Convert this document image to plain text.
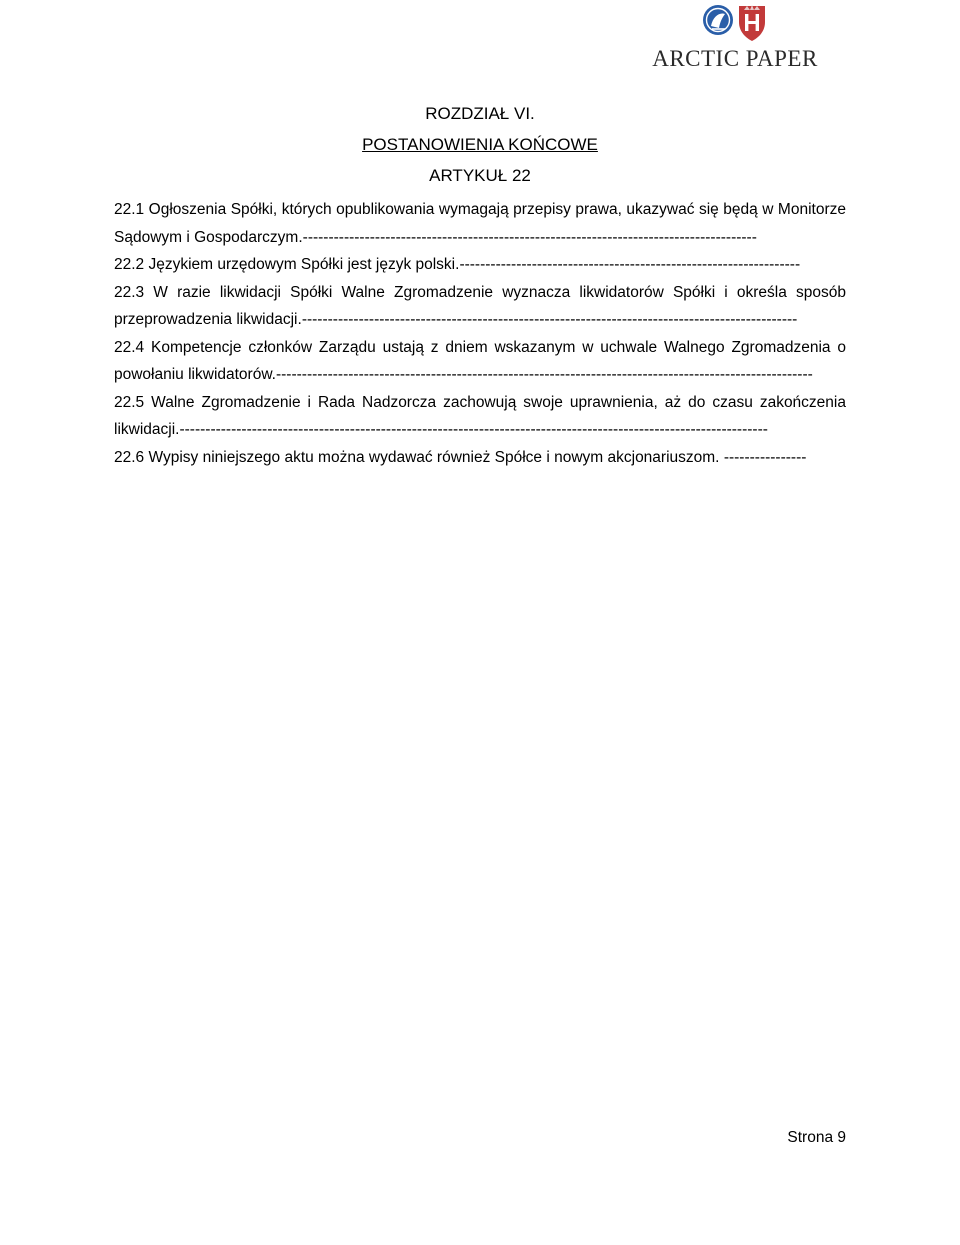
ARCTIC PAPER
ROZDZIAŁ VI.
POSTANOWIENIA KOŃCOWE
ARTYKUŁ 22

22.1 Ogłoszenia Spółki, których opublikowania wymagają przepisy prawa, ukazywać się będą w Monitorze Sądowym i Gospodarczym.----------------------------------------------------------------------------------------

22.2 Językiem urzędowym Spółki jest język polski.------------------------------------------------------------------

22.3 W razie likwidacji Spółki Walne Zgromadzenie wyznacza likwidatorów Spółki i określa sposób przeprowadzenia likwidacji.------------------------------------------------------------------------------------------------

22.4 Kompetencje członków Zarządu ustają z dniem wskazanym w uchwale Walnego Zgromadzenia o powołaniu likwidatorów.--------------------------------------------------------------------------------------------------------

22.5 Walne Zgromadzenie i Rada Nadzorcza zachowują swoje uprawnienia, aż do czasu zakończenia likwidacji.------------------------------------------------------------------------------------------------------------------

22.6 Wypisy niniejszego aktu można wydawać również Spółce i nowym akcjonariuszom. ----------------

Strona 9
